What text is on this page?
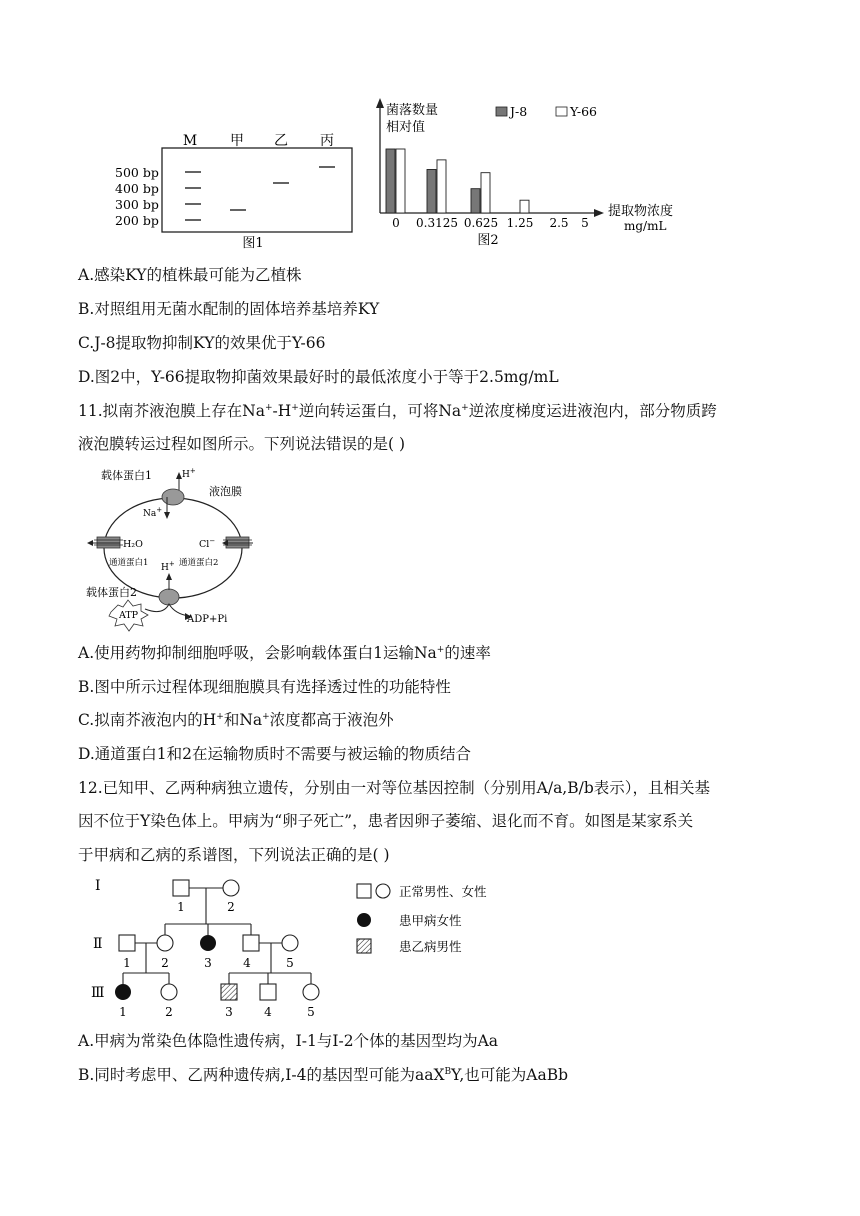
M 甲 乙 丙
500 bp
400 bp
300 bp
200 bp
图1
菌落数量
相对值
J-8	Y-66
0 0.3125 0.625 1.25 2.5 5
提取物浓度
mg/mL
图2
A.感染KY的植株最可能为乙植株
B.对照组用无菌水配制的固体培养基培养KY
C.J-8提取物抑制KY的效果优于Y-66
D.图2中，Y-66提取物抑菌效果最好时的最低浓度小于等于2.5mg/mL
11.拟南芥液泡膜上存在Na+-H+逆向转运蛋白，可将Na+逆浓度梯度运进液泡内，部分物质跨
液泡膜转运过程如图所示。下列说法错误的是( )
载体蛋白1
液泡膜
H+
Na+
H₂O
通道蛋白1
Cl−
通道蛋白2
H+
载体蛋白2
ATP	ADP+Pi
A.使用药物抑制细胞呼吸，会影响载体蛋白1运输Na+的速率
B.图中所示过程体现细胞膜具有选择透过性的功能特性
C.拟南芥液泡内的H+和Na+浓度都高于液泡外
D.通道蛋白1和2在运输物质时不需要与被运输的物质结合
12.已知甲、乙两种病独立遗传，分别由一对等位基因控制（分别用A/a,B/b表示），且相关基
因不位于Y染色体上。甲病为“卵子死亡”，患者因卵子萎缩、退化而不育。如图是某家系关
于甲病和乙病的系谱图，下列说法正确的是( )
I
Ⅱ
Ⅲ
1	2
1	2	3	4	5
1	2	3	4	5
正常男性、女性
患甲病女性
患乙病男性
A.甲病为常染色体隐性遗传病，I-1与I-2个体的基因型均为Aa
B.同时考虑甲、乙两种遗传病,I-4的基因型可能为aaX$^B$Y,也可能为AaBb
